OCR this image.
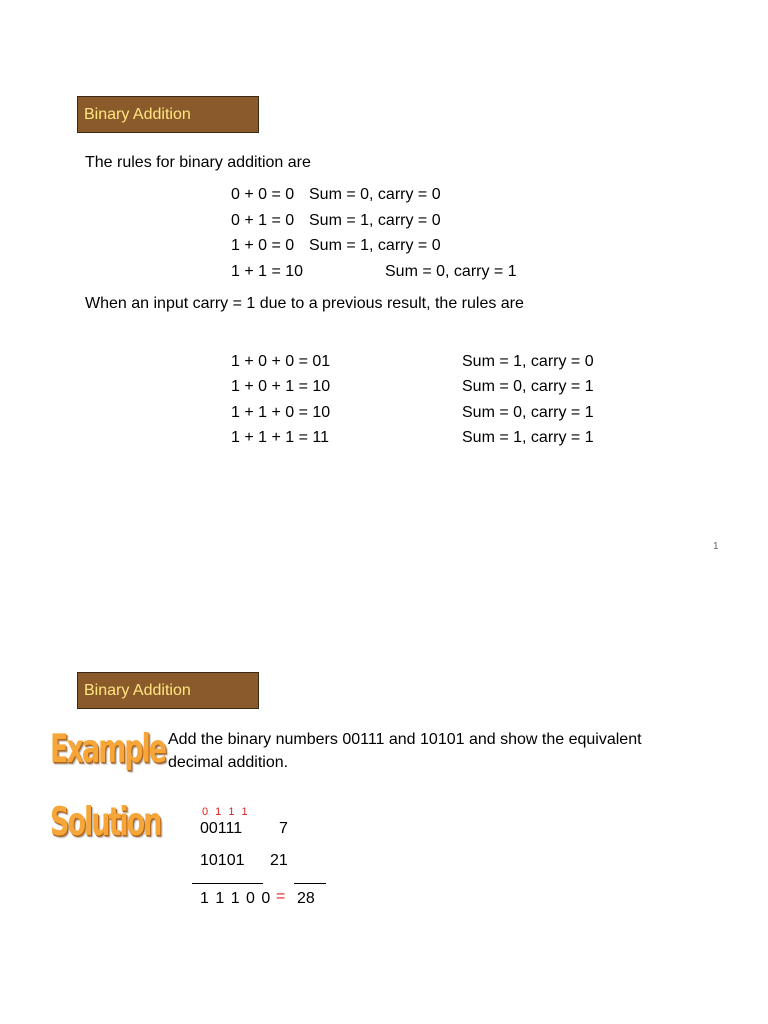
Binary Addition
The rules for binary addition are
0 + 0 = 0 Sum = 0, carry = 0
0 + 1 = 0 Sum = 1, carry = 0
1 + 0 = 0 Sum = 1, carry = 0
1 + 1 = 10	Sum = 0, carry = 1
When an input carry = 1 due to a previous result, the rules are
1 + 0 + 0 = 01	Sum = 1, carry = 0
1 + 0 + 1 = 10	Sum = 0, carry = 1
1 + 1 + 0 = 10	Sum = 0, carry = 1
1 + 1 + 1 = 11	Sum = 1, carry = 1
1
Binary Addition
Example Add the binary numbers 00111 and 10101 and show the equivalent
decimal addition.
Solution	0 1 1 1
00111 7
10101 21
1 1 1 0 0 = 28
